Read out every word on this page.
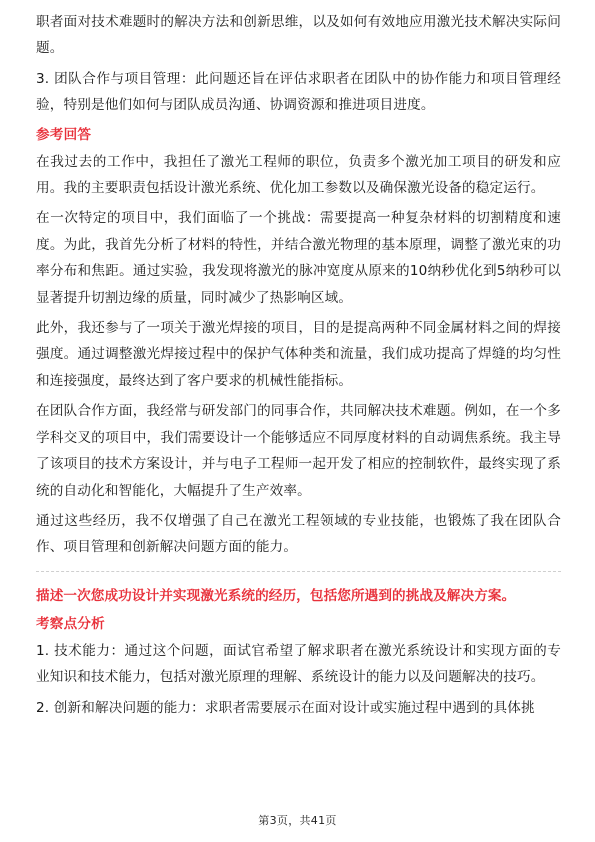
职者面对技术难题时的解决方法和创新思维，以及如何有效地应用激光技术解决实际问题。

3. 团队合作与项目管理：此问题还旨在评估求职者在团队中的协作能力和项目管理经验，特别是他们如何与团队成员沟通、协调资源和推进项目进度。

参考回答

在我过去的工作中，我担任了激光工程师的职位，负责多个激光加工项目的研发和应用。我的主要职责包括设计激光系统、优化加工参数以及确保激光设备的稳定运行。

在一次特定的项目中，我们面临了一个挑战：需要提高一种复杂材料的切割精度和速度。为此，我首先分析了材料的特性，并结合激光物理的基本原理，调整了激光束的功率分布和焦距。通过实验，我发现将激光的脉冲宽度从原来的10纳秒优化到5纳秒可以显著提升切割边缘的质量，同时减少了热影响区域。

此外，我还参与了一项关于激光焊接的项目，目的是提高两种不同金属材料之间的焊接强度。通过调整激光焊接过程中的保护气体种类和流量，我们成功提高了焊缝的均匀性和连接强度，最终达到了客户要求的机械性能指标。

在团队合作方面，我经常与研发部门的同事合作，共同解决技术难题。例如，在一个多学科交叉的项目中，我们需要设计一个能够适应不同厚度材料的自动调焦系统。我主导了该项目的技术方案设计，并与电子工程师一起开发了相应的控制软件，最终实现了系统的自动化和智能化，大幅提升了生产效率。

通过这些经历，我不仅增强了自己在激光工程领域的专业技能，也锻炼了我在团队合作、项目管理和创新解决问题方面的能力。

描述一次您成功设计并实现激光系统的经历，包括您所遇到的挑战及解决方案。
考察点分析

1. 技术能力：通过这个问题，面试官希望了解求职者在激光系统设计和实现方面的专业知识和技术能力，包括对激光原理的理解、系统设计的能力以及问题解决的技巧。

2. 创新和解决问题的能力：求职者需要展示在面对设计或实施过程中遇到的具体挑

第3页，共41页
